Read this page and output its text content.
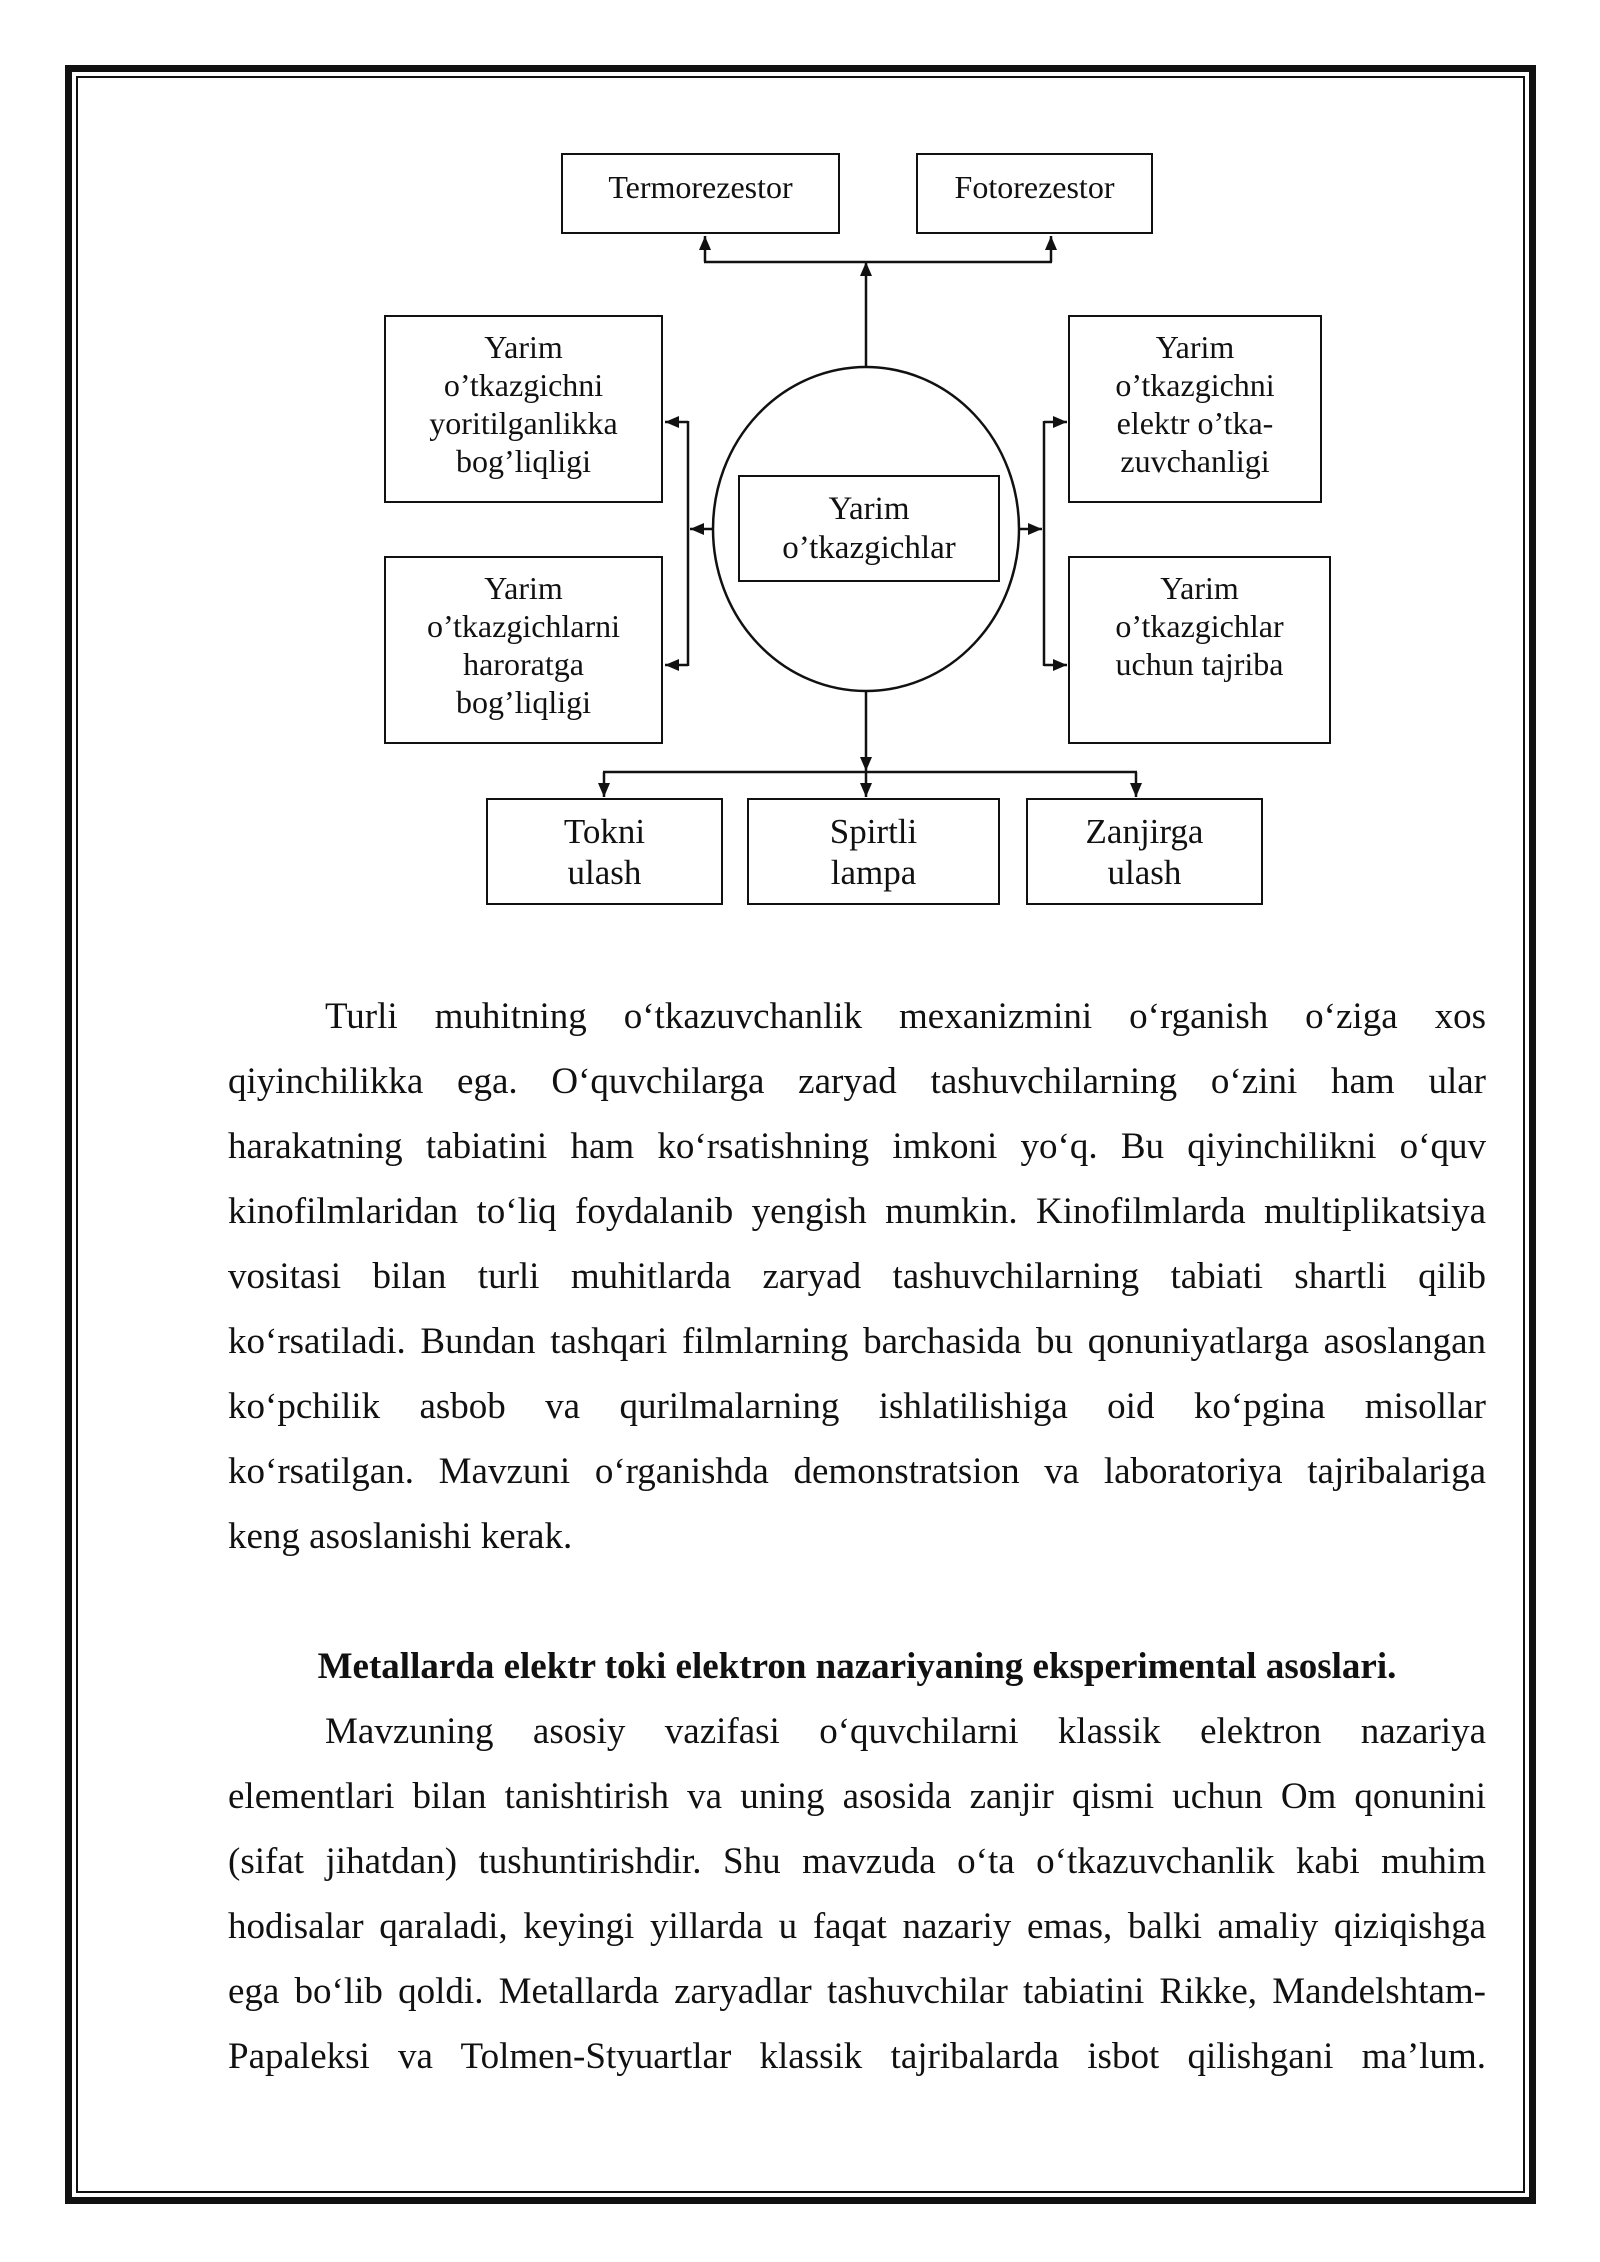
Termorezestor	Fotorezestor
Yarim
o’tkazgichni
yoritilganlikka
bog’liqligi
Yarim
o’tkazgichlarni
haroratga
bog’liqligi
Yarim
o’tkazgichni
elektr o’tka-
zuvchanligi
Yarim
o’tkazgichlar
uchun tajriba
Yarim
o’tkazgichlar
Tokni
ulash
Spirtli
lampa
Zanjirga
ulash
Turli muhitning o‘tkazuvchanlik mexanizmini o‘rganish o‘ziga xos
qiyinchilikka ega. O‘quvchilarga zaryad tashuvchilarning o‘zini ham ular
harakatning tabiatini ham ko‘rsatishning imkoni yo‘q. Bu qiyinchilikni o‘quv
kinofilmlaridan to‘liq foydalanib yengish mumkin. Kinofilmlarda multiplikatsiya
vositasi bilan turli muhitlarda zaryad tashuvchilarning tabiati shartli qilib
ko‘rsatiladi. Bundan tashqari filmlarning barchasida bu qonuniyatlarga asoslangan
ko‘pchilik asbob va qurilmalarning ishlatilishiga oid ko‘pgina misollar
ko‘rsatilgan. Mavzuni o‘rganishda demonstratsion va laboratoriya tajribalariga
keng asoslanishi kerak.
Metallarda elektr toki elektron nazariyaning eksperimental asoslari.
Mavzuning asosiy vazifasi o‘quvchilarni klassik elektron nazariya
elementlari bilan tanishtirish va uning asosida zanjir qismi uchun Om qonunini
(sifat jihatdan) tushuntirishdir. Shu mavzuda o‘ta o‘tkazuvchanlik kabi muhim
hodisalar qaraladi, keyingi yillarda u faqat nazariy emas, balki amaliy qiziqishga
ega bo‘lib qoldi. Metallarda zaryadlar tashuvchilar tabiatini Rikke, Mandelshtam-
Papaleksi va Tolmen-Styuartlar klassik tajribalarda isbot qilishgani ma’lum.
